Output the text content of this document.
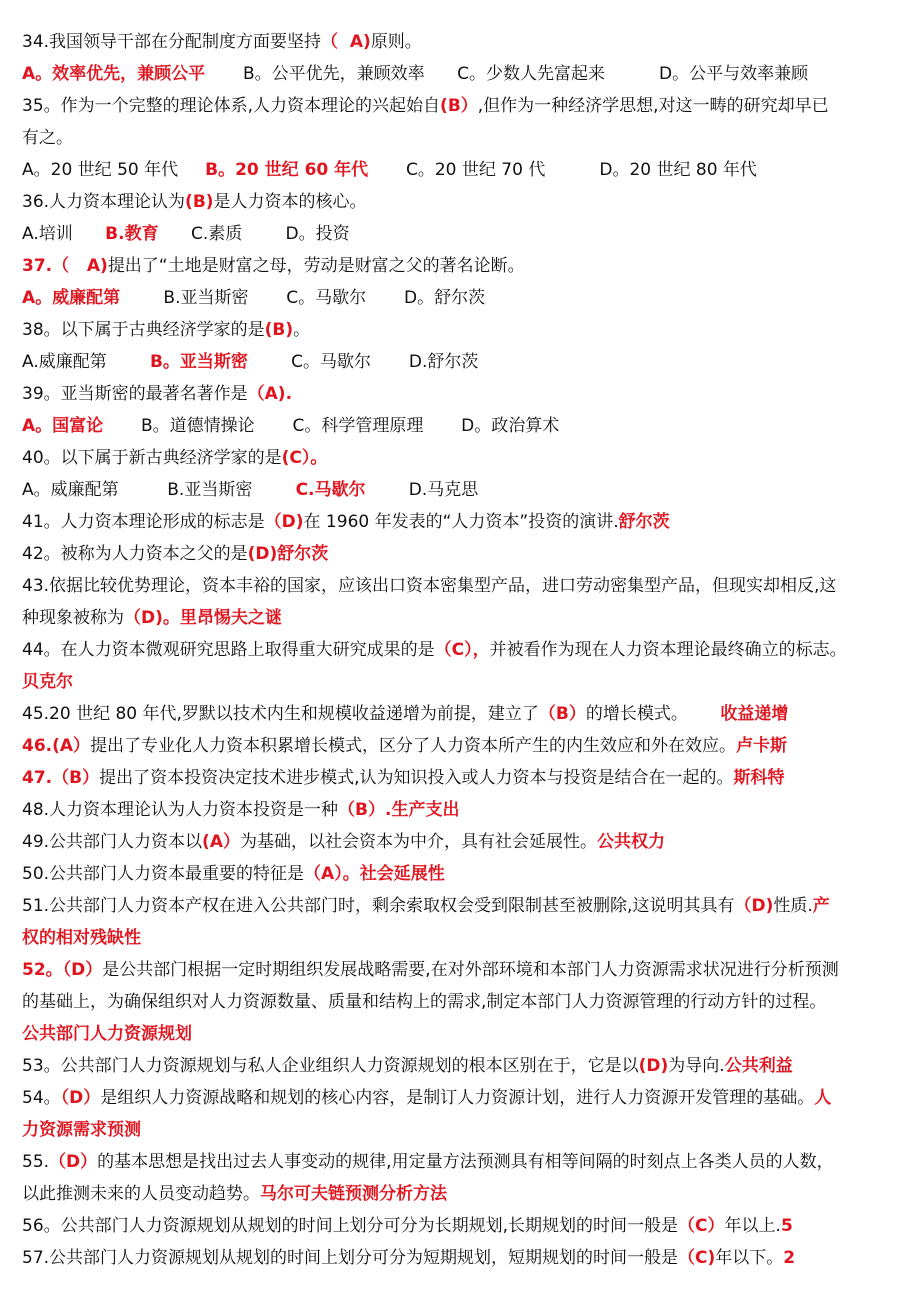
34.我国领导干部在分配制度方面要坚持（  A)原则。
A。效率优先，兼顾公平       B。公平优先，兼顾效率      C。少数人先富起来          D。公平与效率兼顾
35。作为一个完整的理论体系,人力资本理论的兴起始自(B）,但作为一种经济学思想,对这一畴的研究却早已
有之。
A。20 世纪 50 年代     B。20 世纪 60 年代       C。20 世纪 70 代          D。20 世纪 80 年代
36.人力资本理论认为(B)是人力资本的核心。
A.培训      B.教育      C.素质        D。投资
37.（   A)提出了“土地是财富之母，劳动是财富之父的著名论断。
A。威廉配第        B.亚当斯密       C。马歇尔       D。舒尔茨
38。以下属于古典经济学家的是(B)。
A.威廉配第        B。亚当斯密        C。马歇尔       D.舒尔茨
39。亚当斯密的最著名著作是（A).
A。国富论       B。道德情操论       C。科学管理原理       D。政治算术
40。以下属于新古典经济学家的是(C）。
A。威廉配第         B.亚当斯密        C.马歇尔        D.马克思
41。人力资本理论形成的标志是（D)在 1960 年发表的“人力资本”投资的演讲.舒尔茨
42。被称为人力资本之父的是(D)舒尔茨
43.依据比较优势理论，资本丰裕的国家，应该出口资本密集型产品，进口劳动密集型产品，但现实却相反,这
种现象被称为（D)。里昂惕夫之谜
44。在人力资本微观研究思路上取得重大研究成果的是（C），并被看作为现在人力资本理论最终确立的标志。
贝克尔
45.20 世纪 80 年代,罗默以技术内生和规模收益递增为前提，建立了（B）的增长模式。      收益递增
46.(A）提出了专业化人力资本积累增长模式，区分了人力资本所产生的内生效应和外在效应。卢卡斯
47.（B）提出了资本投资决定技术进步模式,认为知识投入或人力资本与投资是结合在一起的。斯科特
48.人力资本理论认为人力资本投资是一种（B）.生产支出
49.公共部门人力资本以(A）为基础，以社会资本为中介，具有社会延展性。公共权力
50.公共部门人力资本最重要的特征是（A）。社会延展性
51.公共部门人力资本产权在进入公共部门时，剩余索取权会受到限制甚至被删除,这说明其具有（D)性质.产
权的相对残缺性
52。（D）是公共部门根据一定时期组织发展战略需要,在对外部环境和本部门人力资源需求状况进行分析预测
的基础上，为确保组织对人力资源数量、质量和结构上的需求,制定本部门人力资源管理的行动方针的过程。
公共部门人力资源规划
53。公共部门人力资源规划与私人企业组织人力资源规划的根本区别在于，它是以(D)为导向.公共利益
54。（D）是组织人力资源战略和规划的核心内容，是制订人力资源计划，进行人力资源开发管理的基础。人
力资源需求预测
55.（D）的基本思想是找出过去人事变动的规律,用定量方法预测具有相等间隔的时刻点上各类人员的人数，
以此推测未来的人员变动趋势。马尔可夫链预测分析方法
56。公共部门人力资源规划从规划的时间上划分可分为长期规划,长期规划的时间一般是（C）年以上.5
57.公共部门人力资源规划从规划的时间上划分可分为短期规划，短期规划的时间一般是（C)年以下。2
